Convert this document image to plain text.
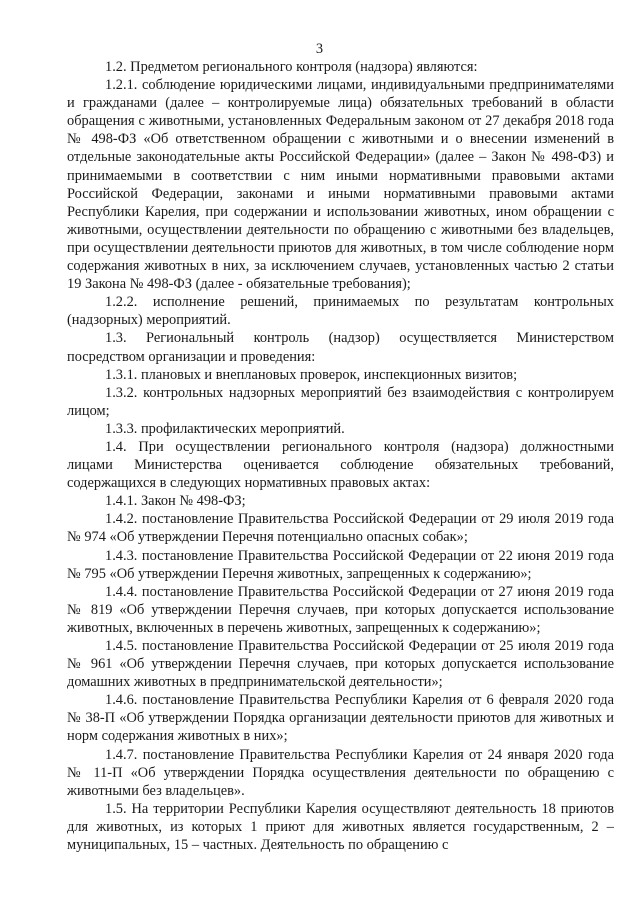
3

1.2. Предметом регионального контроля (надзора) являются:

1.2.1. соблюдение юридическими лицами, индивидуальными предпринимателями и гражданами (далее – контролируемые лица) обязательных требований в области обращения с животными, установленных Федеральным законом от 27 декабря 2018 года № 498-ФЗ «Об ответственном обращении с животными и о внесении изменений в отдельные законодательные акты Российской Федерации» (далее – Закон № 498-ФЗ) и принимаемыми в соответствии с ним иными нормативными правовыми актами Российской Федерации, законами и иными нормативными правовыми актами Республики Карелия, при содержании и использовании животных, ином обращении с животными, осуществлении деятельности по обращению с животными без владельцев, при осуществлении деятельности приютов для животных, в том числе соблюдение норм содержания животных в них, за исключением случаев, установленных частью 2 статьи 19 Закона № 498-ФЗ (далее - обязательные требования);

1.2.2. исполнение решений, принимаемых по результатам контрольных (надзорных) мероприятий.

1.3. Региональный контроль (надзор) осуществляется Министерством посредством организации и проведения:

1.3.1. плановых и внеплановых проверок, инспекционных визитов;

1.3.2. контрольных надзорных мероприятий без взаимодействия с контролируем лицом;

1.3.3. профилактических мероприятий.

1.4. При осуществлении регионального контроля (надзора) должностными лицами Министерства оценивается соблюдение обязательных требований, содержащихся в следующих нормативных правовых актах:

1.4.1. Закон № 498-ФЗ;

1.4.2. постановление Правительства Российской Федерации от 29 июля 2019 года № 974 «Об утверждении Перечня потенциально опасных собак»;

1.4.3. постановление Правительства Российской Федерации от 22 июня 2019 года № 795 «Об утверждении Перечня животных, запрещенных к содержанию»;

1.4.4. постановление Правительства Российской Федерации от 27 июня 2019 года № 819 «Об утверждении Перечня случаев, при которых допускается использование животных, включенных в перечень животных, запрещенных к содержанию»;

1.4.5. постановление Правительства Российской Федерации от 25 июля 2019 года № 961 «Об утверждении Перечня случаев, при которых допускается использование домашних животных в предпринимательской деятельности»;

1.4.6. постановление Правительства Республики Карелия от 6 февраля 2020 года № 38-П «Об утверждении Порядка организации деятельности приютов для животных и норм содержания животных в них»;

1.4.7. постановление Правительства Республики Карелия от 24 января 2020 года № 11-П «Об утверждении Порядка осуществления деятельности по обращению с животными без владельцев».

1.5. На территории Республики Карелия осуществляют деятельность 18 приютов для животных, из которых 1 приют для животных является государственным, 2 – муниципальных, 15 – частных. Деятельность по обращению с
